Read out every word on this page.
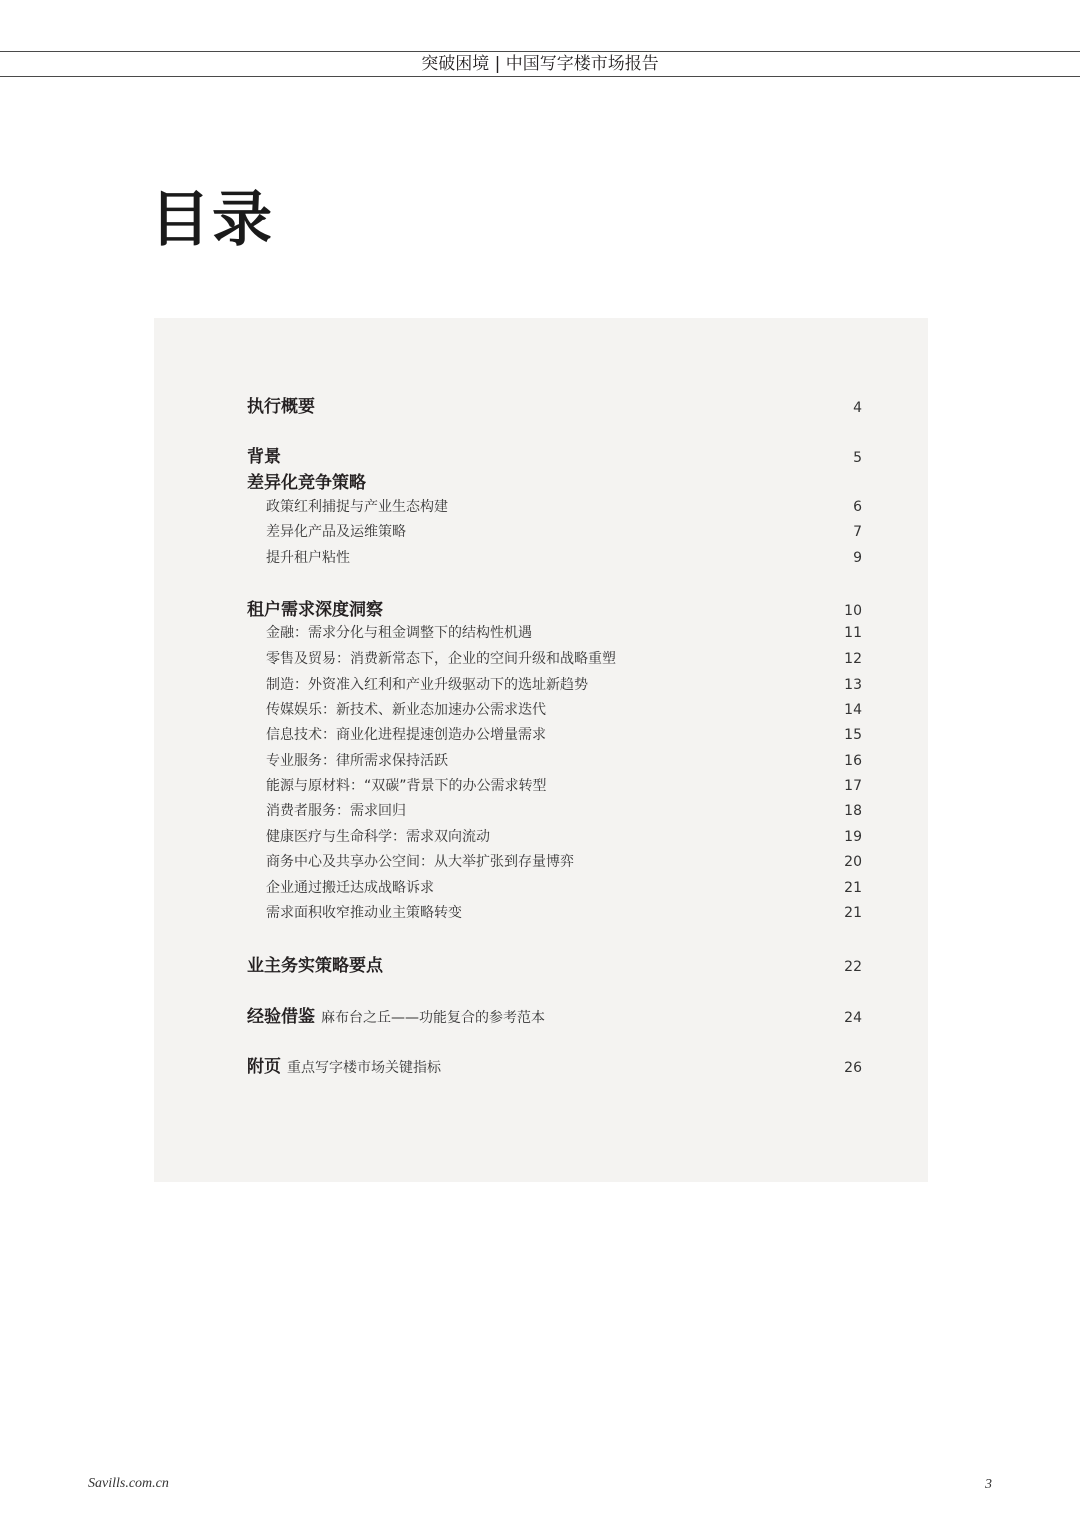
突破困境 | 中国写字楼市场报告
目录
执行概要	4
背景	5
差异化竞争策略
政策红利捕捉与产业生态构建	6
差异化产品及运维策略	7
提升租户粘性	9
租户需求深度洞察	10
金融：需求分化与租金调整下的结构性机遇	11
零售及贸易：消费新常态下，企业的空间升级和战略重塑	12
制造：外资准入红利和产业升级驱动下的选址新趋势	13
传媒娱乐：新技术、新业态加速办公需求迭代	14
信息技术：商业化进程提速创造办公增量需求	15
专业服务：律所需求保持活跃	16
能源与原材料：“双碳”背景下的办公需求转型	17
消费者服务：需求回归	18
健康医疗与生命科学：需求双向流动	19
商务中心及共享办公空间：从大举扩张到存量博弈	20
企业通过搬迁达成战略诉求	21
需求面积收窄推动业主策略转变	21
业主务实策略要点	22
经验借鉴 麻布台之丘——功能复合的参考范本	24
附页 重点写字楼市场关键指标	26
Savills.com.cn	3
